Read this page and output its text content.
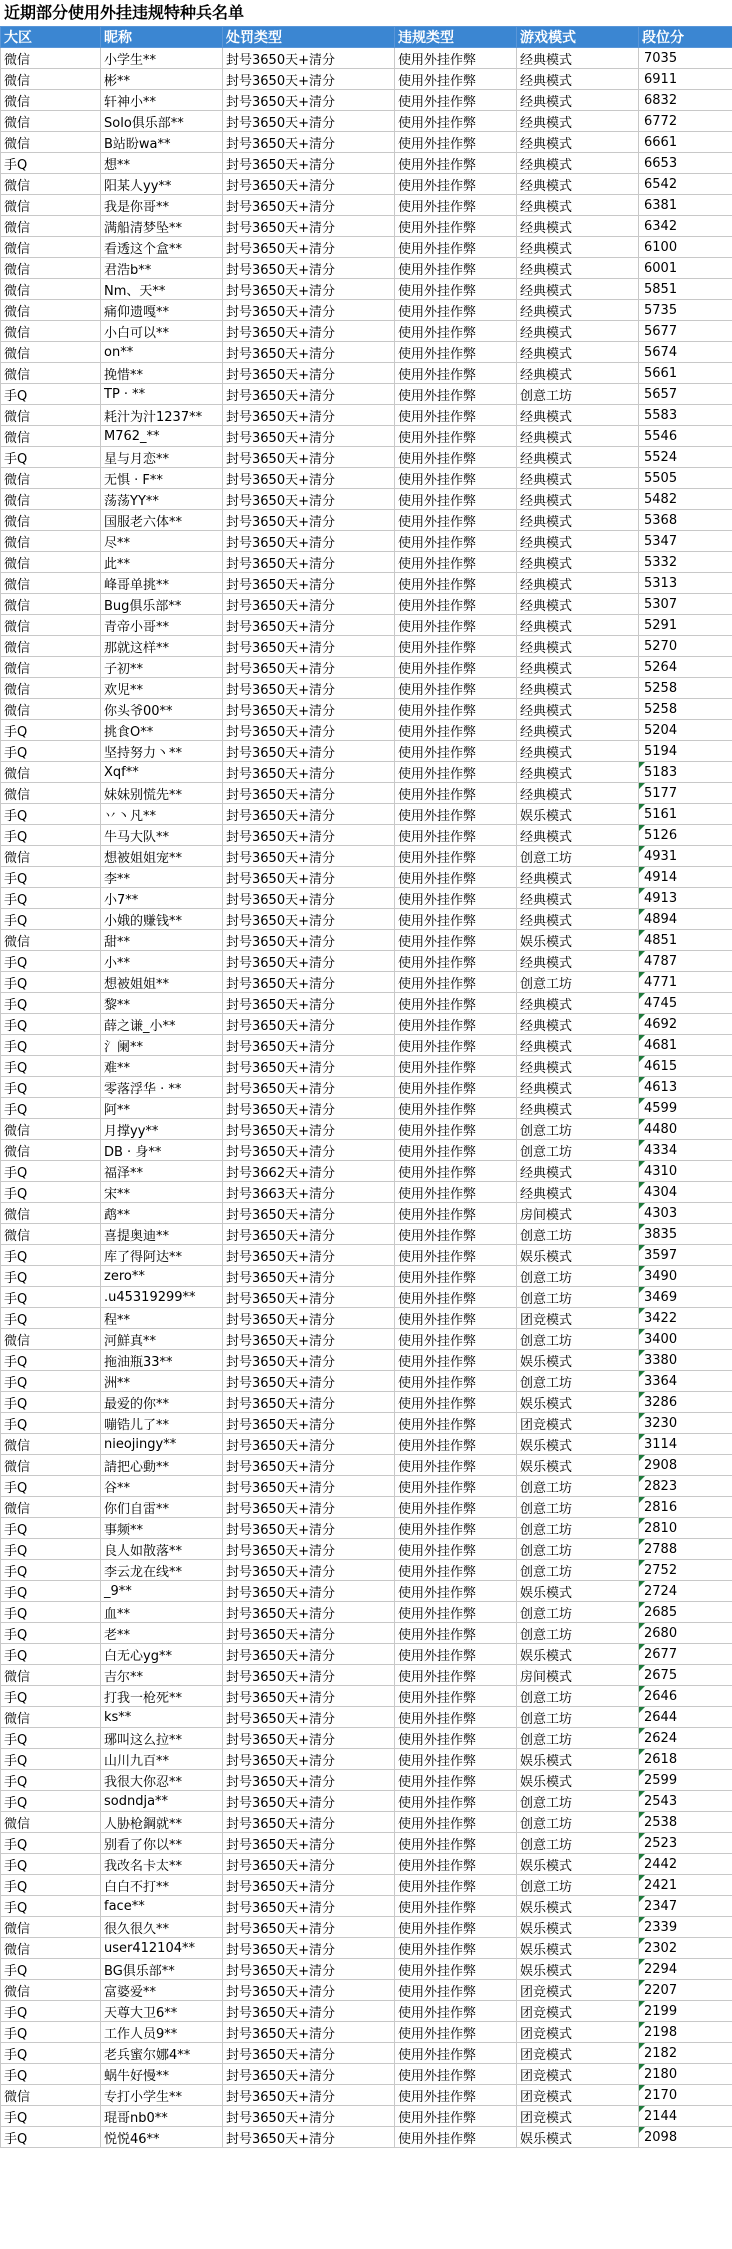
近期部分使用外挂违规特种兵名单
大区	昵称	处罚类型	违规类型	游戏模式	段位分
微信	小学生**	封号3650天+清分	使用外挂作弊	经典模式	7035
微信	彬**	封号3650天+清分	使用外挂作弊	经典模式	6911
微信	轩神小**	封号3650天+清分	使用外挂作弊	经典模式	6832
微信	Solo俱乐部**	封号3650天+清分	使用外挂作弊	经典模式	6772
微信	B站盼wa**	封号3650天+清分	使用外挂作弊	经典模式	6661
手Q	想**	封号3650天+清分	使用外挂作弊	经典模式	6653
微信	阳某人yy**	封号3650天+清分	使用外挂作弊	经典模式	6542
微信	我是你哥**	封号3650天+清分	使用外挂作弊	经典模式	6381
微信	满船清梦坠**	封号3650天+清分	使用外挂作弊	经典模式	6342
微信	看透这个盒**	封号3650天+清分	使用外挂作弊	经典模式	6100
微信	君浩b**	封号3650天+清分	使用外挂作弊	经典模式	6001
微信	Nm、天**	封号3650天+清分	使用外挂作弊	经典模式	5851
微信	痛仰遗嘎**	封号3650天+清分	使用外挂作弊	经典模式	5735
微信	小白可以**	封号3650天+清分	使用外挂作弊	经典模式	5677
微信	on**	封号3650天+清分	使用外挂作弊	经典模式	5674
微信	挽惜**	封号3650天+清分	使用外挂作弊	经典模式	5661
手Q	TP · **	封号3650天+清分	使用外挂作弊	创意工坊	5657
微信	耗汁为汁1237**	封号3650天+清分	使用外挂作弊	经典模式	5583
微信	M762_**	封号3650天+清分	使用外挂作弊	经典模式	5546
手Q	星与月恋**	封号3650天+清分	使用外挂作弊	经典模式	5524
微信	无惧 · F**	封号3650天+清分	使用外挂作弊	经典模式	5505
微信	荡荡YY**	封号3650天+清分	使用外挂作弊	经典模式	5482
微信	国服老六体**	封号3650天+清分	使用外挂作弊	经典模式	5368
微信	尽**	封号3650天+清分	使用外挂作弊	经典模式	5347
微信	此**	封号3650天+清分	使用外挂作弊	经典模式	5332
微信	峰哥单挑**	封号3650天+清分	使用外挂作弊	经典模式	5313
微信	Bug俱乐部**	封号3650天+清分	使用外挂作弊	经典模式	5307
微信	青帝小哥**	封号3650天+清分	使用外挂作弊	经典模式	5291
微信	那就这样**	封号3650天+清分	使用外挂作弊	经典模式	5270
微信	子初**	封号3650天+清分	使用外挂作弊	经典模式	5264
微信	欢児**	封号3650天+清分	使用外挂作弊	经典模式	5258
微信	你头爷00**	封号3650天+清分	使用外挂作弊	经典模式	5258
手Q	挑食O**	封号3650天+清分	使用外挂作弊	经典模式	5204
手Q	坚持努力丶**	封号3650天+清分	使用外挂作弊	经典模式	5194
微信	Xqf**	封号3650天+清分	使用外挂作弊	经典模式	5183

微信	妹妹别慌先**	封号3650天+清分	使用外挂作弊	经典模式	5177

手Q	丷丶凡**	封号3650天+清分	使用外挂作弊	娱乐模式	5161

手Q	牛马大队**	封号3650天+清分	使用外挂作弊	经典模式	5126

微信	想被姐姐宠**	封号3650天+清分	使用外挂作弊	创意工坊	4931

手Q	李**	封号3650天+清分	使用外挂作弊	经典模式	4914

手Q	小7**	封号3650天+清分	使用外挂作弊	经典模式	4913

手Q	小娥的赚钱**	封号3650天+清分	使用外挂作弊	经典模式	4894

微信	甜**	封号3650天+清分	使用外挂作弊	娱乐模式	4851

手Q	小**	封号3650天+清分	使用外挂作弊	经典模式	4787

手Q	想被姐姐**	封号3650天+清分	使用外挂作弊	创意工坊	4771

手Q	黎**	封号3650天+清分	使用外挂作弊	经典模式	4745

手Q	薛之谦_小**	封号3650天+清分	使用外挂作弊	经典模式	4692

手Q	氵阑**	封号3650天+清分	使用外挂作弊	经典模式	4681

手Q	难**	封号3650天+清分	使用外挂作弊	经典模式	4615

手Q	零落浮华 · **	封号3650天+清分	使用外挂作弊	经典模式	4613

手Q	阿**	封号3650天+清分	使用外挂作弊	经典模式	4599

微信	月撑yy**	封号3650天+清分	使用外挂作弊	创意工坊	4480

微信	DB · 身**	封号3650天+清分	使用外挂作弊	创意工坊	4334

手Q	福泽**	封号3662天+清分	使用外挂作弊	经典模式	4310

手Q	宋**	封号3663天+清分	使用外挂作弊	经典模式	4304

微信	鹉**	封号3650天+清分	使用外挂作弊	房间模式	4303

微信	喜提奥迪**	封号3650天+清分	使用外挂作弊	创意工坊	3835

手Q	库了得阿达**	封号3650天+清分	使用外挂作弊	娱乐模式	3597

手Q	zero**	封号3650天+清分	使用外挂作弊	创意工坊	3490

手Q	.u45319299**	封号3650天+清分	使用外挂作弊	创意工坊	3469

手Q	程**	封号3650天+清分	使用外挂作弊	团竞模式	3422

微信	河鮮真**	封号3650天+清分	使用外挂作弊	创意工坊	3400

手Q	拖油瓶33**	封号3650天+清分	使用外挂作弊	娱乐模式	3380

手Q	洲**	封号3650天+清分	使用外挂作弊	创意工坊	3364

手Q	最爱的你**	封号3650天+清分	使用外挂作弊	娱乐模式	3286

手Q	嘣锆儿了**	封号3650天+清分	使用外挂作弊	团竞模式	3230

微信	nieojingy**	封号3650天+清分	使用外挂作弊	娱乐模式	3114

微信	請把心動**	封号3650天+清分	使用外挂作弊	娱乐模式	2908

手Q	谷**	封号3650天+清分	使用外挂作弊	创意工坊	2823

微信	你们自雷**	封号3650天+清分	使用外挂作弊	创意工坊	2816

手Q	事频**	封号3650天+清分	使用外挂作弊	创意工坊	2810

手Q	良人如散落**	封号3650天+清分	使用外挂作弊	创意工坊	2788

手Q	李云龙在线**	封号3650天+清分	使用外挂作弊	创意工坊	2752

手Q	_9**	封号3650天+清分	使用外挂作弊	娱乐模式	2724

手Q	血**	封号3650天+清分	使用外挂作弊	创意工坊	2685

手Q	老**	封号3650天+清分	使用外挂作弊	创意工坊	2680

手Q	白无心yg**	封号3650天+清分	使用外挂作弊	娱乐模式	2677

微信	吉尔**	封号3650天+清分	使用外挂作弊	房间模式	2675

手Q	打我一枪死**	封号3650天+清分	使用外挂作弊	创意工坊	2646

微信	ks**	封号3650天+清分	使用外挂作弊	创意工坊	2644

手Q	琊叫这么拉**	封号3650天+清分	使用外挂作弊	创意工坊	2624

手Q	山川九百**	封号3650天+清分	使用外挂作弊	娱乐模式	2618

手Q	我很大你忍**	封号3650天+清分	使用外挂作弊	娱乐模式	2599

手Q	sodndja**	封号3650天+清分	使用外挂作弊	创意工坊	2543

微信	人胁枪鋼就**	封号3650天+清分	使用外挂作弊	创意工坊	2538

手Q	别看了你以**	封号3650天+清分	使用外挂作弊	创意工坊	2523

手Q	我改名卡太**	封号3650天+清分	使用外挂作弊	娱乐模式	2442

手Q	白白不打**	封号3650天+清分	使用外挂作弊	创意工坊	2421

手Q	face**	封号3650天+清分	使用外挂作弊	娱乐模式	2347

微信	很久很久**	封号3650天+清分	使用外挂作弊	娱乐模式	2339

微信	user412104**	封号3650天+清分	使用外挂作弊	娱乐模式	2302

手Q	BG俱乐部**	封号3650天+清分	使用外挂作弊	娱乐模式	2294

微信	富婆爱**	封号3650天+清分	使用外挂作弊	团竞模式	2207

手Q	天尊大卫6**	封号3650天+清分	使用外挂作弊	团竞模式	2199

手Q	工作人员9**	封号3650天+清分	使用外挂作弊	团竞模式	2198

手Q	老兵蜜尔娜4**	封号3650天+清分	使用外挂作弊	团竞模式	2182

手Q	蜗牛好慢**	封号3650天+清分	使用外挂作弊	团竞模式	2180

微信	专打小学生**	封号3650天+清分	使用外挂作弊	团竞模式	2170

手Q	琨哥nb0**	封号3650天+清分	使用外挂作弊	团竞模式	2144

手Q	悦悦46**	封号3650天+清分	使用外挂作弊	娱乐模式	2098
